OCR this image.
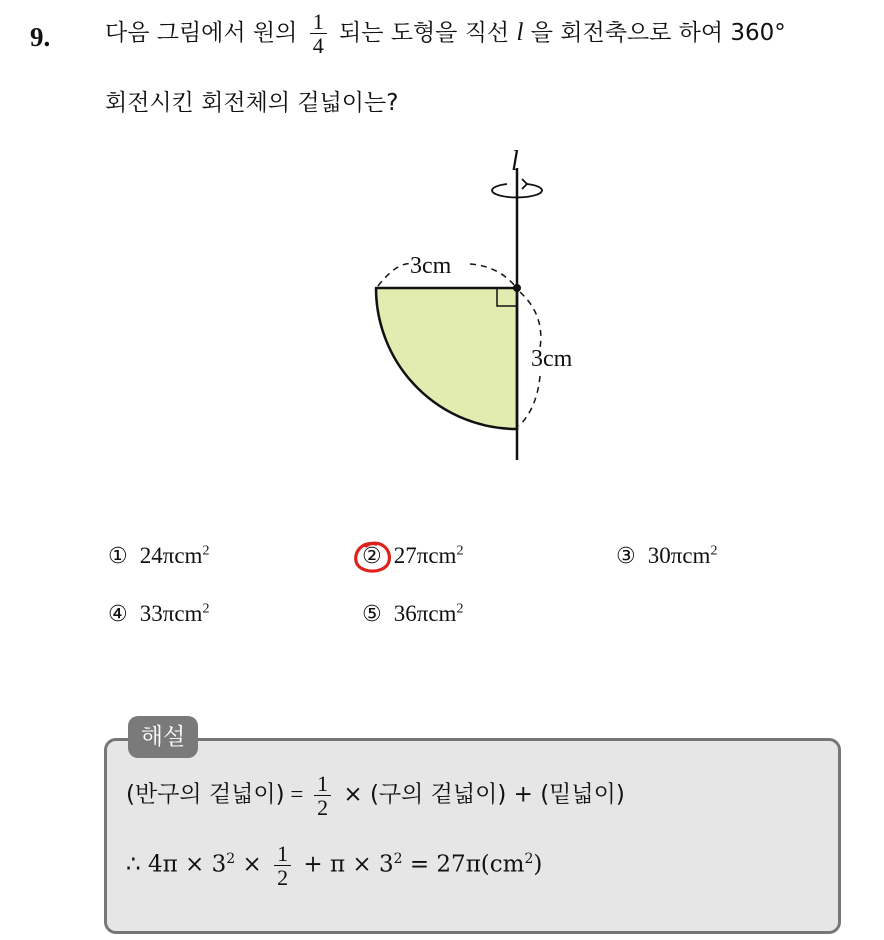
9. 다음 그림에서 원의 $\frac{1}{4}$ 되는 도형을 직선 l 을 회전축으로 하여 360°
회전시킨 회전체의 겉넓이는?
l
3cm
3cm
① 24πcm$^2$	② 27πcm$^2$	③ 30πcm$^2$
④ 33πcm$^2$	⑤ 36πcm$^2$
해설
(반구의 겉넓이) = $\frac{1}{2}$ × (구의 겉넓이) + (밑넓이)
∴ $4\pi \times 3^2 \times \frac{1}{2} + \pi \times 3^2 = 27\pi(cm^2)$
